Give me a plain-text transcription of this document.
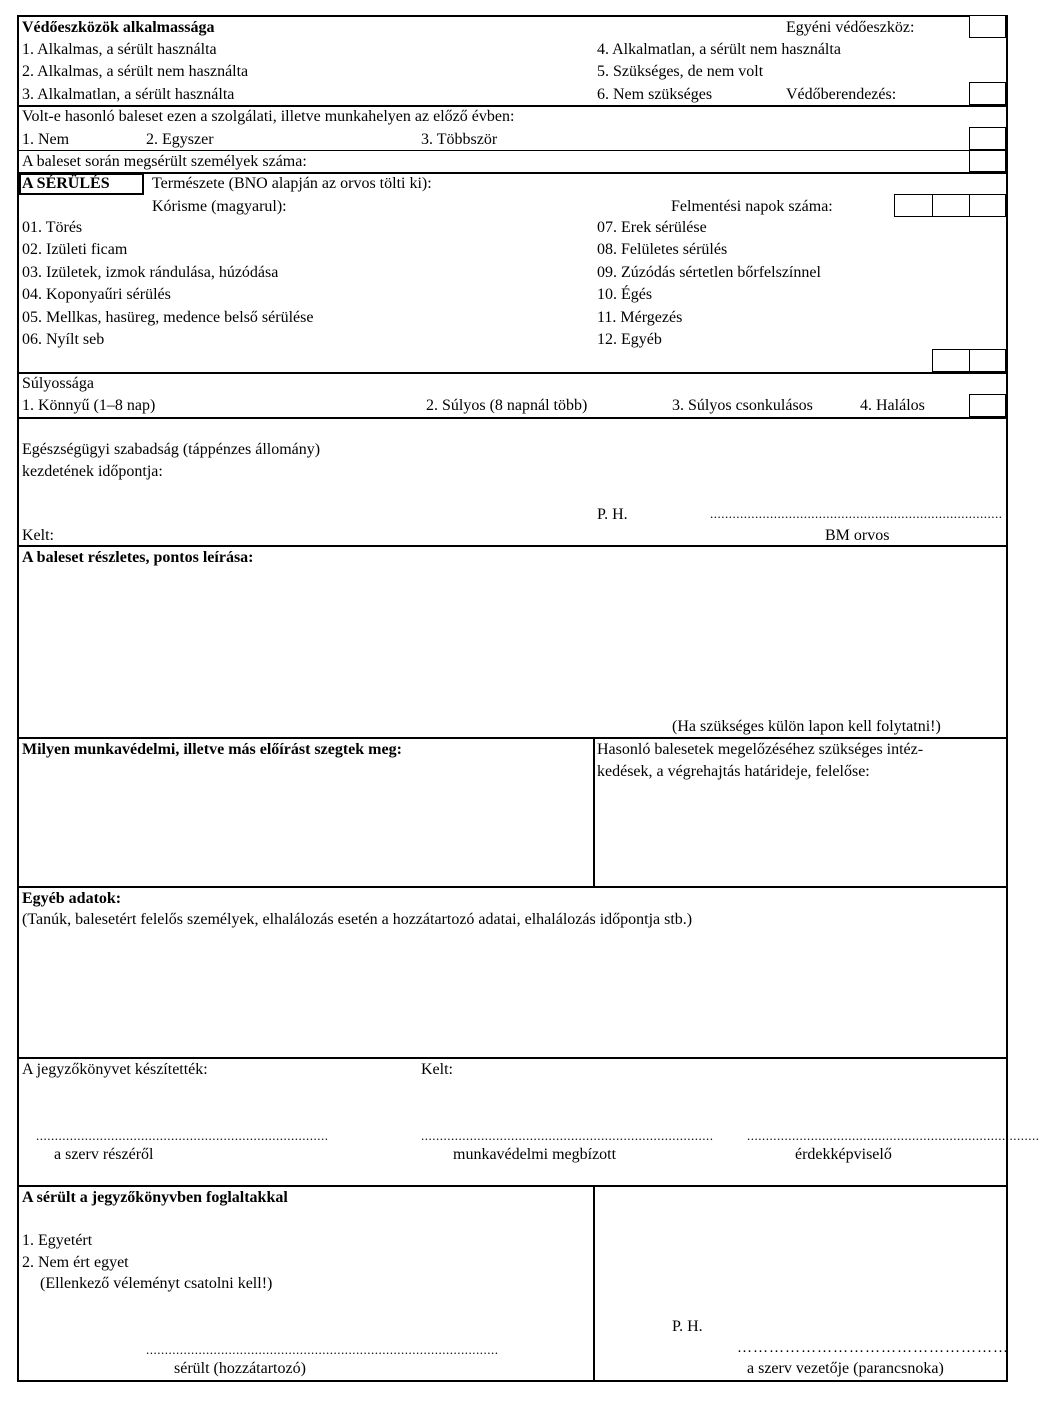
Védőeszközök alkalmassága	Egyéni védőeszköz:
1. Alkalmas, a sérült használta
2. Alkalmas, a sérült nem használta
3. Alkalmatlan, a sérült használta
4. Alkalmatlan, a sérült nem használta
5. Szükséges, de nem volt
6. Nem szükséges	Védőberendezés:
Volt-e hasonló baleset ezen a szolgálati, illetve munkahelyen az előző évben:
1. Nem	2. Egyszer	3. Többször
A baleset során megsérült személyek száma:
A SÉRÜLÉS	Természete (BNO alapján az orvos tölti ki):
Kórisme (magyarul):	Felmentési napok száma:
01. Törés
02. Izületi ficam
03. Izületek, izmok rándulása, húzódása
04. Koponyaűri sérülés
05. Mellkas, hasüreg, medence belső sérülése
06. Nyílt seb
07. Erek sérülése
08. Felületes sérülés
09. Zúzódás sértetlen bőrfelszínnel
10. Égés
11. Mérgezés
12. Egyéb
Súlyossága
1. Könnyű (1–8 nap)	2. Súlyos (8 napnál több)	3. Súlyos csonkulásos	4. Halálos
Egészségügyi szabadság (táppénzes állomány)
kezdetének időpontja:
P. H.	..............................................................................
Kelt:	BM orvos
A baleset részletes, pontos leírása:
(Ha szükséges külön lapon kell folytatni!)
Milyen munkavédelmi, illetve más előírást szegtek meg:	Hasonló balesetek megelőzéséhez szükséges intéz-
kedések, a végrehajtás határideje, felelőse:
Egyéb adatok:
(Tanúk, balesetért felelős személyek, elhalálozás esetén a hozzátartozó adatai, elhalálozás időpontja stb.)
A jegyzőkönyvet készítették:	Kelt:
..............................................................................	..............................................................................	..............................................................................
a szerv részéről	munkavédelmi megbízott	érdekképviselő
A sérült a jegyzőkönyvben foglaltakkal
1. Egyetért
2. Nem ért egyet
(Ellenkező véleményt csatolni kell!)
P. H.
..............................................................................................	……………………………………………
sérült (hozzátartozó)	a szerv vezetője (parancsnoka)
